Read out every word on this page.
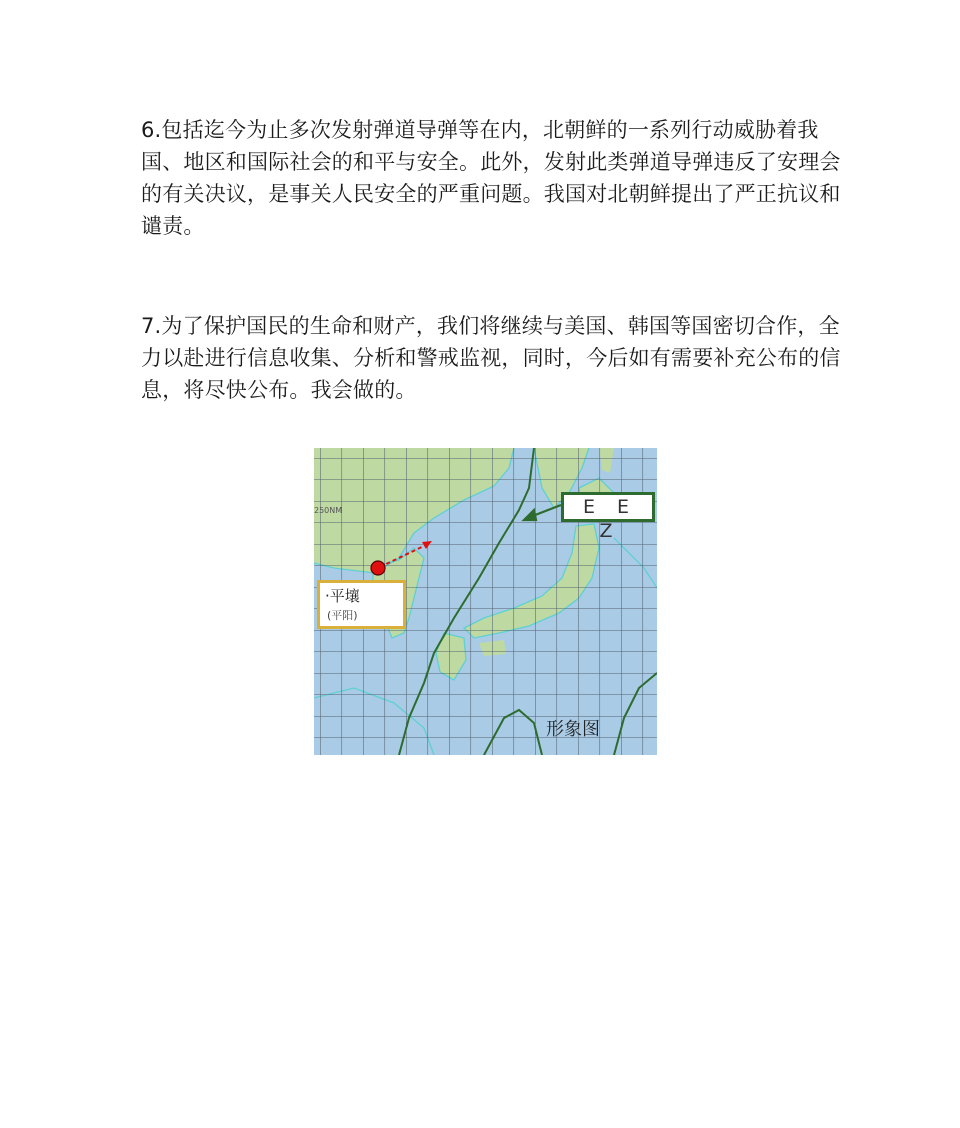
6.包括迄今为止多次发射弹道导弹等在内，北朝鲜的一系列行动威胁着我国、地区和国际社会的和平与安全。此外，发射此类弹道导弹违反了安理会的有关决议，是事关人民安全的严重问题。我国对北朝鲜提出了严正抗议和谴责。

7.为了保护国民的生命和财产，我们将继续与美国、韩国等国密切合作，全力以赴进行信息收集、分析和警戒监视，同时，今后如有需要补充公布的信息，将尽快公布。我会做的。

250NM	E E Z
·平壤
(平阳)
形象图
